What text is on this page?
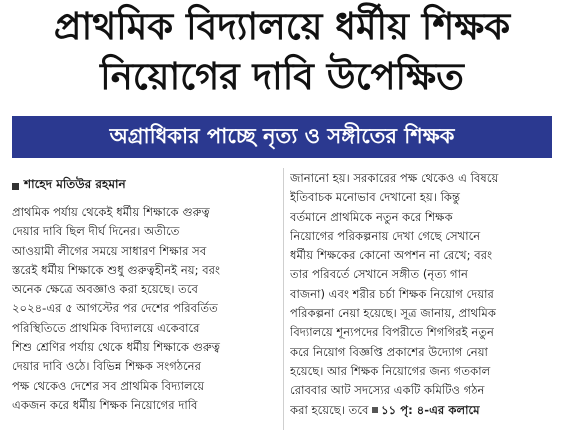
প্রাথমিক বিদ্যালয়ে ধর্মীয় শিক্ষক
নিয়োগের দাবি উপেক্ষিত
অগ্রাধিকার পাচ্ছে নৃত্য ও সঙ্গীতের শিক্ষক
শাহেদ মতিউর রহমান
প্রাথমিক পর্যায় থেকেই ধর্মীয় শিক্ষাকে গুরুত্ব
দেয়ার দাবি ছিল দীর্ঘ দিনের। অতীতে
আওয়ামী লীগের সময়ে সাধারণ শিক্ষার সব
স্তরেই ধর্মীয় শিক্ষাকে শুধু গুরুত্বহীনই নয়; বরং
অনেক ক্ষেত্রে অবজ্ঞাও করা হয়েছে। তবে
২০২৪-এর ৫ আগস্টের পর দেশের পরিবর্তিত
পরিস্থিতিতে প্রাথমিক বিদ্যালয়ে একেবারে
শিশু শ্রেণির পর্যায় থেকে ধর্মীয় শিক্ষাকে গুরুত্ব
দেয়ার দাবি ওঠে। বিভিন্ন শিক্ষক সংগঠনের
পক্ষ থেকেও দেশের সব প্রাথমিক বিদ্যালয়ে
একজন করে ধর্মীয় শিক্ষক নিয়োগের দাবি
জানানো হয়। সরকারের পক্ষ থেকেও এ বিষয়ে
ইতিবাচক মনোভাব দেখানো হয়। কিন্তু
বর্তমানে প্রাথমিকে নতুন করে শিক্ষক
নিয়োগের পরিকল্পনায় দেখা গেছে সেখানে
ধর্মীয় শিক্ষকের কোনো অপশন না রেখে; বরং
তার পরিবর্তে সেখানে সঙ্গীত (নৃত্য গান
বাজনা) এবং শরীর চর্চা শিক্ষক নিয়োগ দেয়ার
পরিকল্পনা নেয়া হয়েছে। সূত্র জানায়, প্রাথমিক
বিদ্যালয়ে শূন্যপদের বিপরীতে শিগগিরই নতুন
করে নিয়োগ বিজ্ঞপ্তি প্রকাশের উদ্যোগ নেয়া
হয়েছে। আর শিক্ষক নিয়োগের জন্য গতকাল
রোববার আট সদস্যের একটি কমিটিও গঠন
করা হয়েছে। তবে ১১ পৃ: ৪-এর কলামে
